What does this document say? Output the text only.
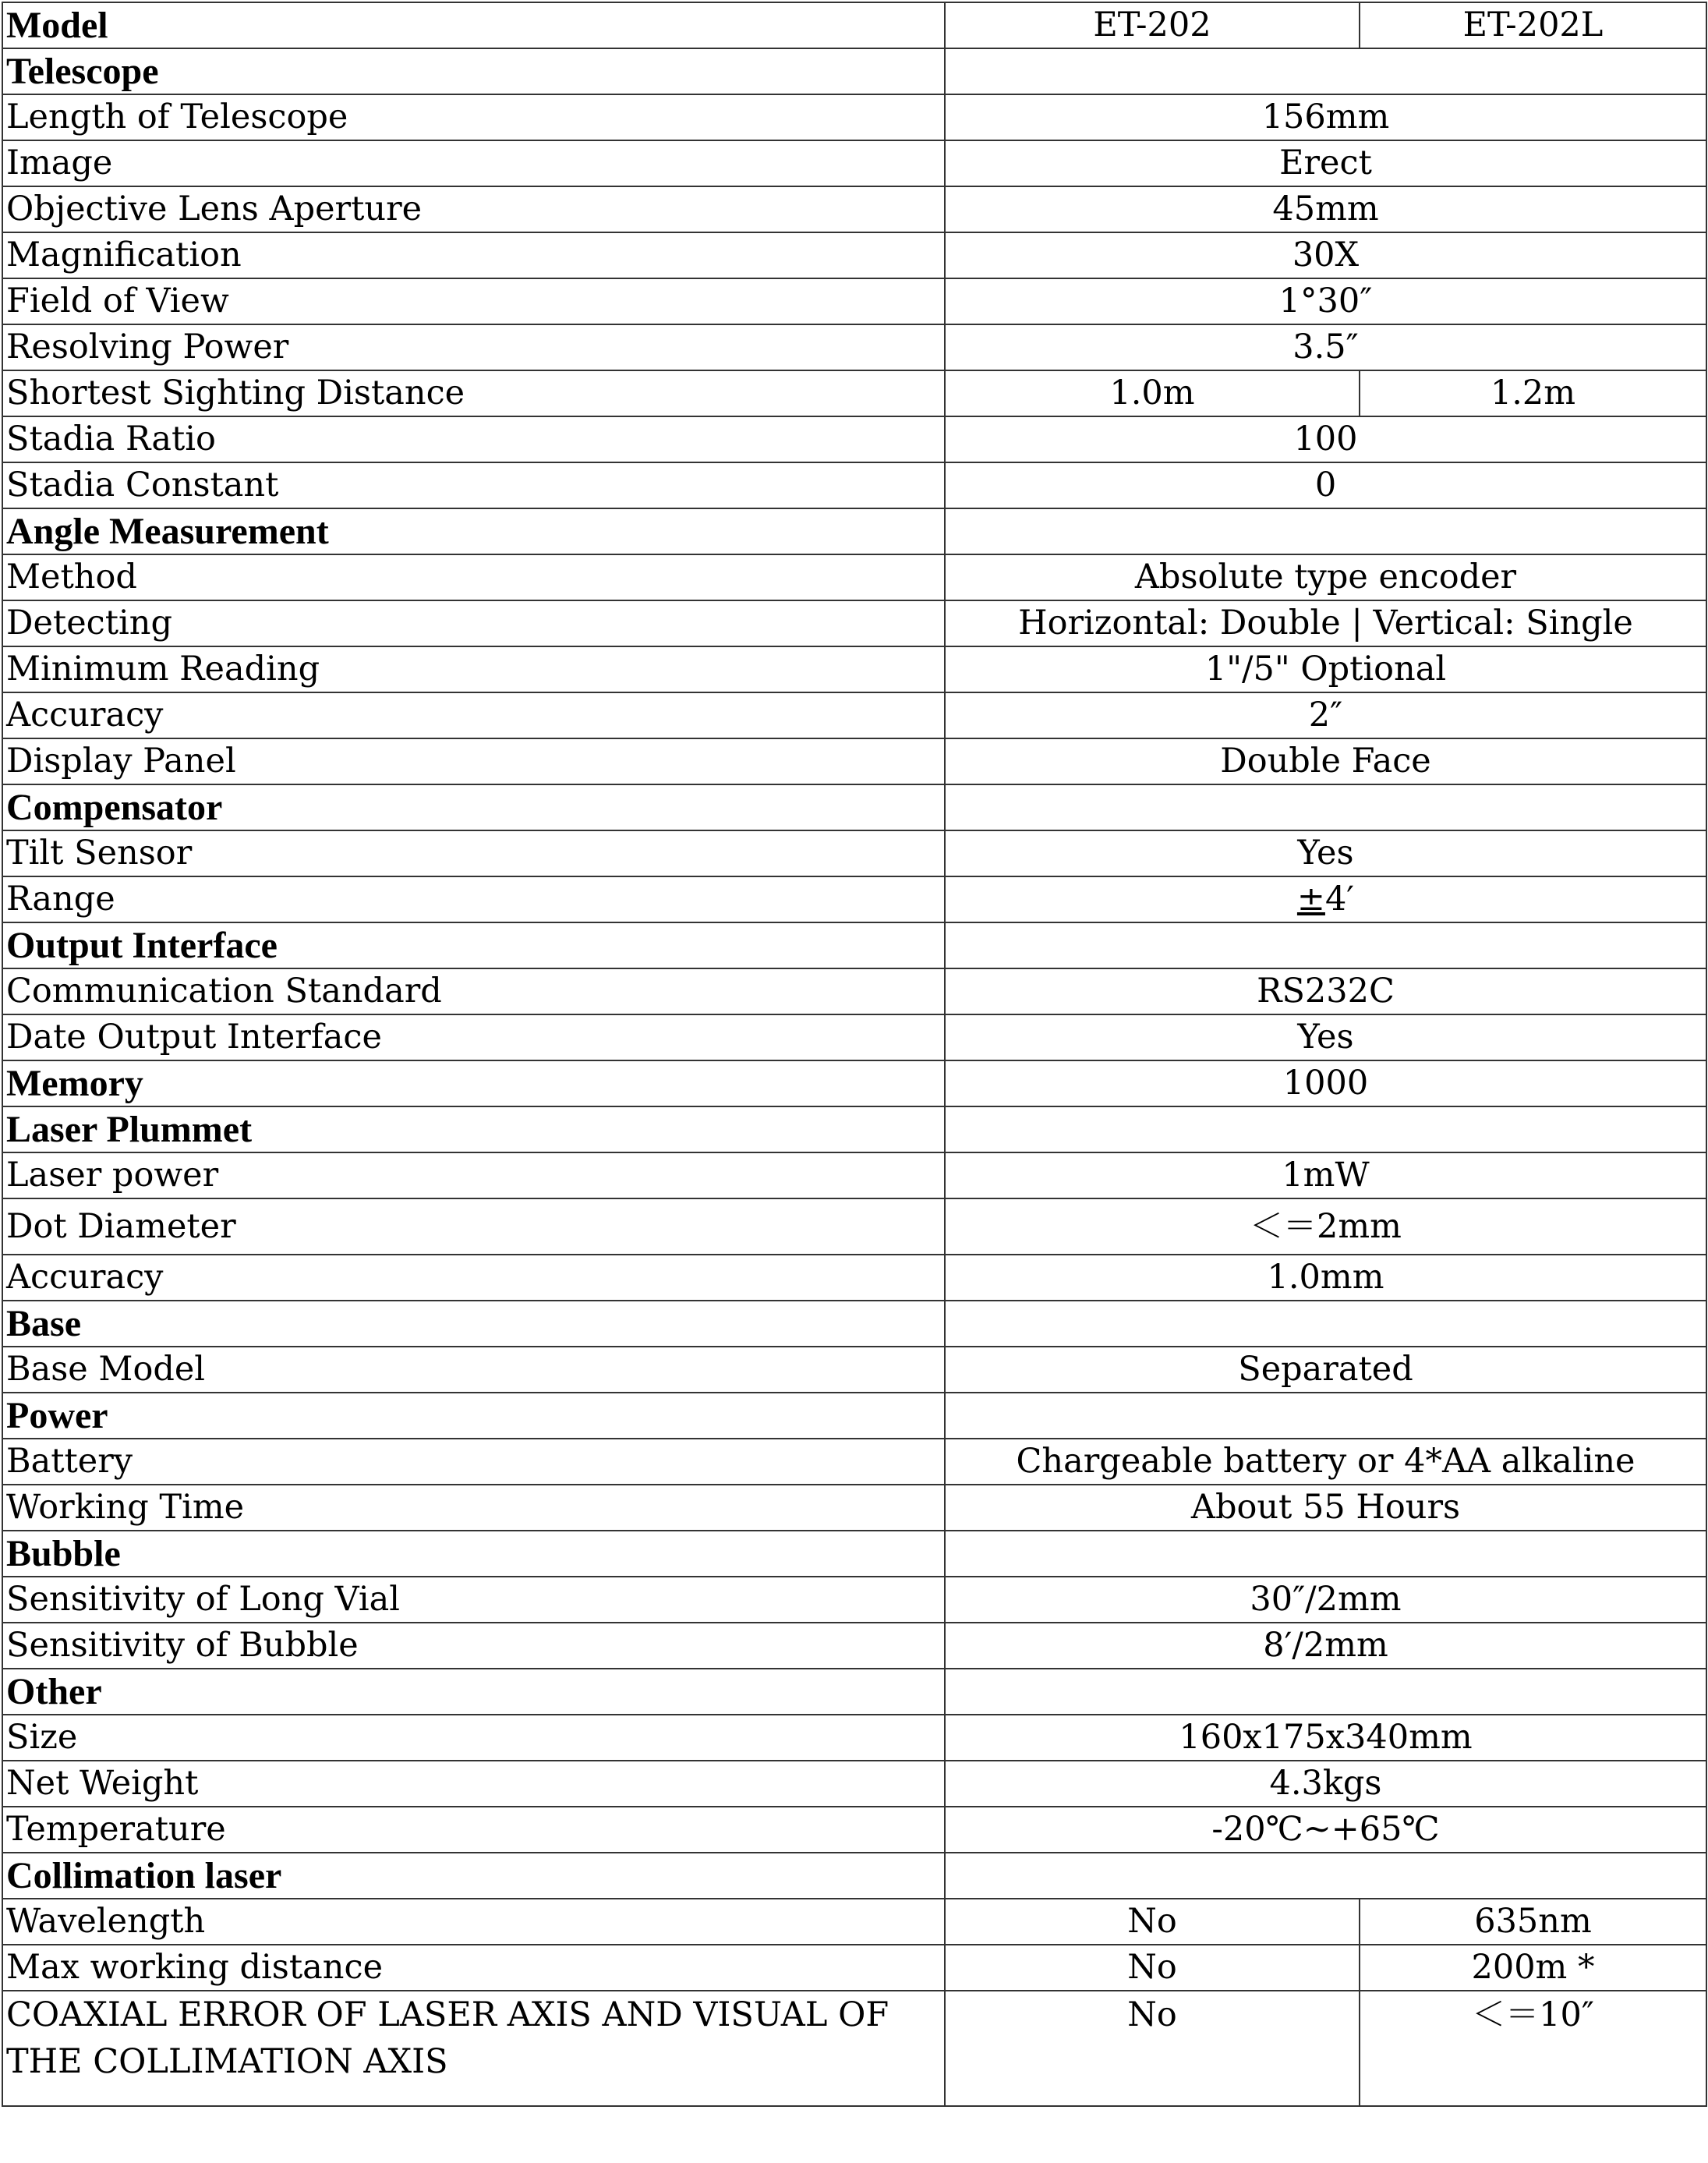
Model	ET-202	ET-202L
Telescope		
Length of Telescope	156mm	
Image	Erect	
Objective Lens Aperture	45mm	
Magnification	30X	
Field of View	1°30″	
Resolving Power	3.5″	
Shortest Sighting Distance	1.0m	1.2m
Stadia Ratio	100	
Stadia Constant	0	
Angle Measurement		
Method	Absolute type encoder	
Detecting	Horizontal: Double | Vertical: Single	
Minimum Reading	1"/5" Optional	
Accuracy	2″	
Display Panel	Double Face	
Compensator		
Tilt Sensor	Yes	
Range	±4′	
Output Interface		
Communication Standard	RS232C	
Date Output Interface	Yes	
Memory	1000	
Laser Plummet		
Laser power	1mW	
Dot Diameter	＜＝2mm	
Accuracy	1.0mm	
Base		
Base Model	Separated	
Power		
Battery	Chargeable battery or 4*AA alkaline	
Working Time	About 55 Hours	
Bubble		
Sensitivity of Long Vial	30″/2mm	
Sensitivity of Bubble	8′/2mm	
Other		
Size	160x175x340mm	
Net Weight	4.3kgs	
Temperature	-20℃~+65℃	
Collimation laser		
Wavelength	No	635nm
Max working distance	No	200m *
COAXIAL ERROR OF LASER AXIS AND VISUAL OF THE COLLIMATION AXIS	No	＜＝10″
